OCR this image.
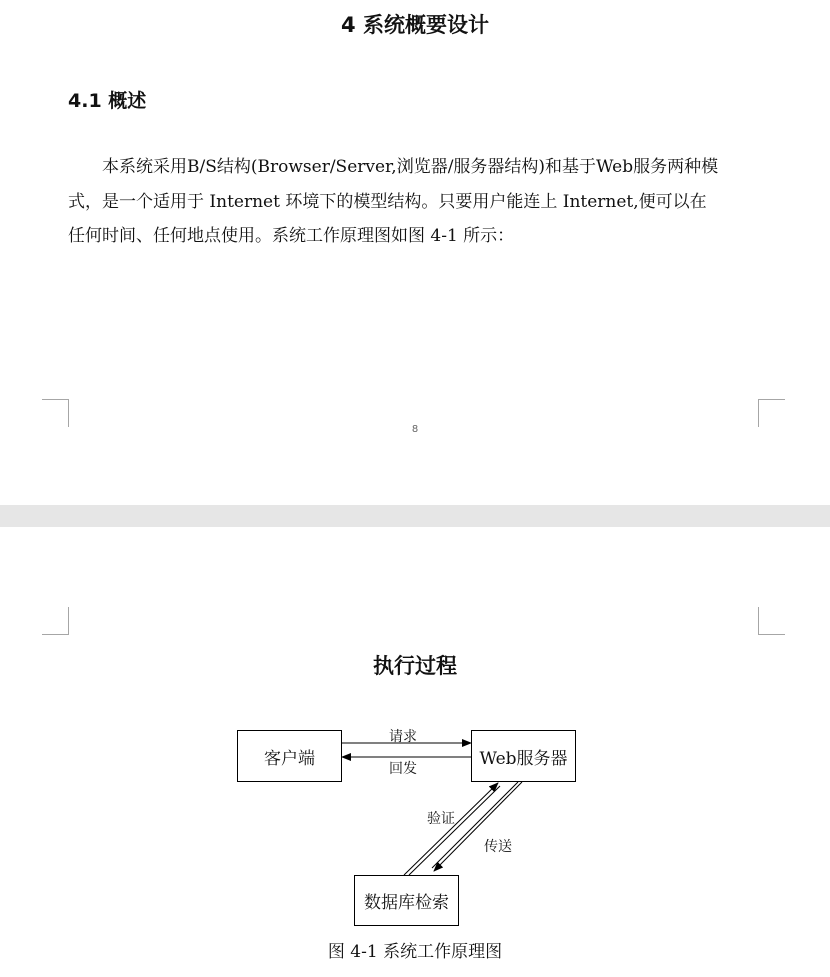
4 系统概要设计
4.1 概述
本系统采用B/S结构(Browser/Server,浏览器/服务器结构)和基于Web服务两种模
式，是一个适用于 Internet 环境下的模型结构。只要用户能连上 Internet,便可以在
任何时间、任何地点使用。系统工作原理图如图 4-1 所示：
8
执行过程
客户端	Web服务器
数据库检索
请求
回发
验证
传送
图 4-1 系统工作原理图
